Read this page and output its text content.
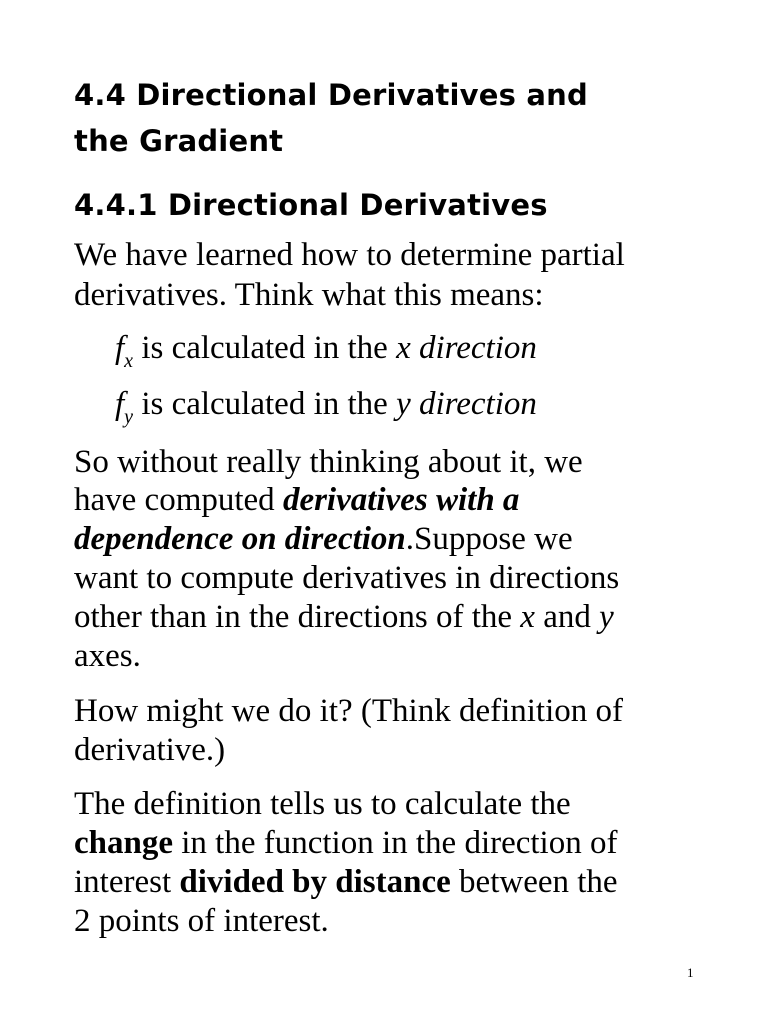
4.4 Directional Derivatives and
the Gradient
4.4.1 Directional Derivatives
We have learned how to determine partial
derivatives. Think what this means:
$f_x$ is calculated in the x direction
$f_y$ is calculated in the y direction
So without really thinking about it, we
have computed derivatives with a
dependence on direction.Suppose we
want to compute derivatives in directions
other than in the directions of the x and y
axes.
How might we do it? (Think definition of
derivative.)
The definition tells us to calculate the
change in the function in the direction of
interest divided by distance between the
2 points of interest.
1
